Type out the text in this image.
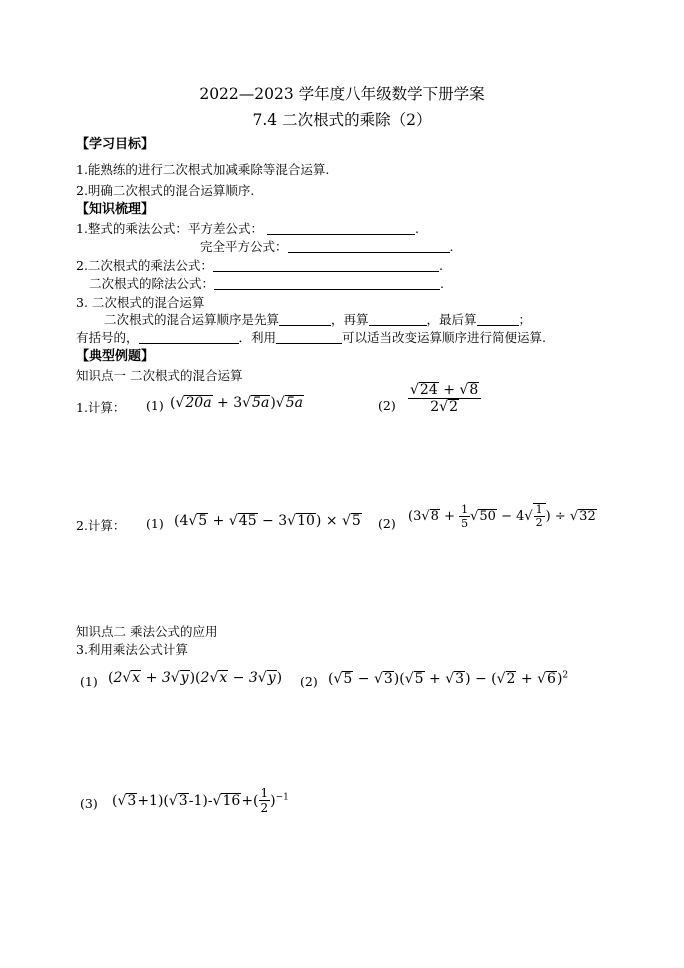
2022—2023 学年度八年级数学下册学案
7.4 二次根式的乘除（2）
【学习目标】
1.能熟练的进行二次根式加减乘除等混合运算.
2.明确二次根式的混合运算顺序.
【知识梳理】
1.整式的乘法公式：平方差公式：	.
完全平方公式：	.
2.二次根式的乘法公式：	.
二次根式的除法公式：	.
3. 二次根式的混合运算
二次根式的混合运算顺序是先算	，再算	，最后算	；
有括号的，	．利用	可以适当改变运算顺序进行简便运算.
【典型例题】
知识点一 二次根式的混合运算
1.计算： (1) (√20a + 3√5a)√5a	$(2) \frac{√24 + √8}{2√2}$
2.计算： (1) (4√5 + √45 − 3√10) × √5 (2) ($3√8 + \frac{1}{5} √50 - 4√ \frac{1}{2}$ ) ÷ √32
知识点二 乘法公式的应用
3.利用乘法公式计算
(1) (2√x + 3√y)(2√x − 3√y) (2) $(√5 - √3)(√5 + √3) - (√2 + √6)^2$
(3) $(√3+1)(√3-1)-√16+( \frac{1}{2} )^{-1}$
